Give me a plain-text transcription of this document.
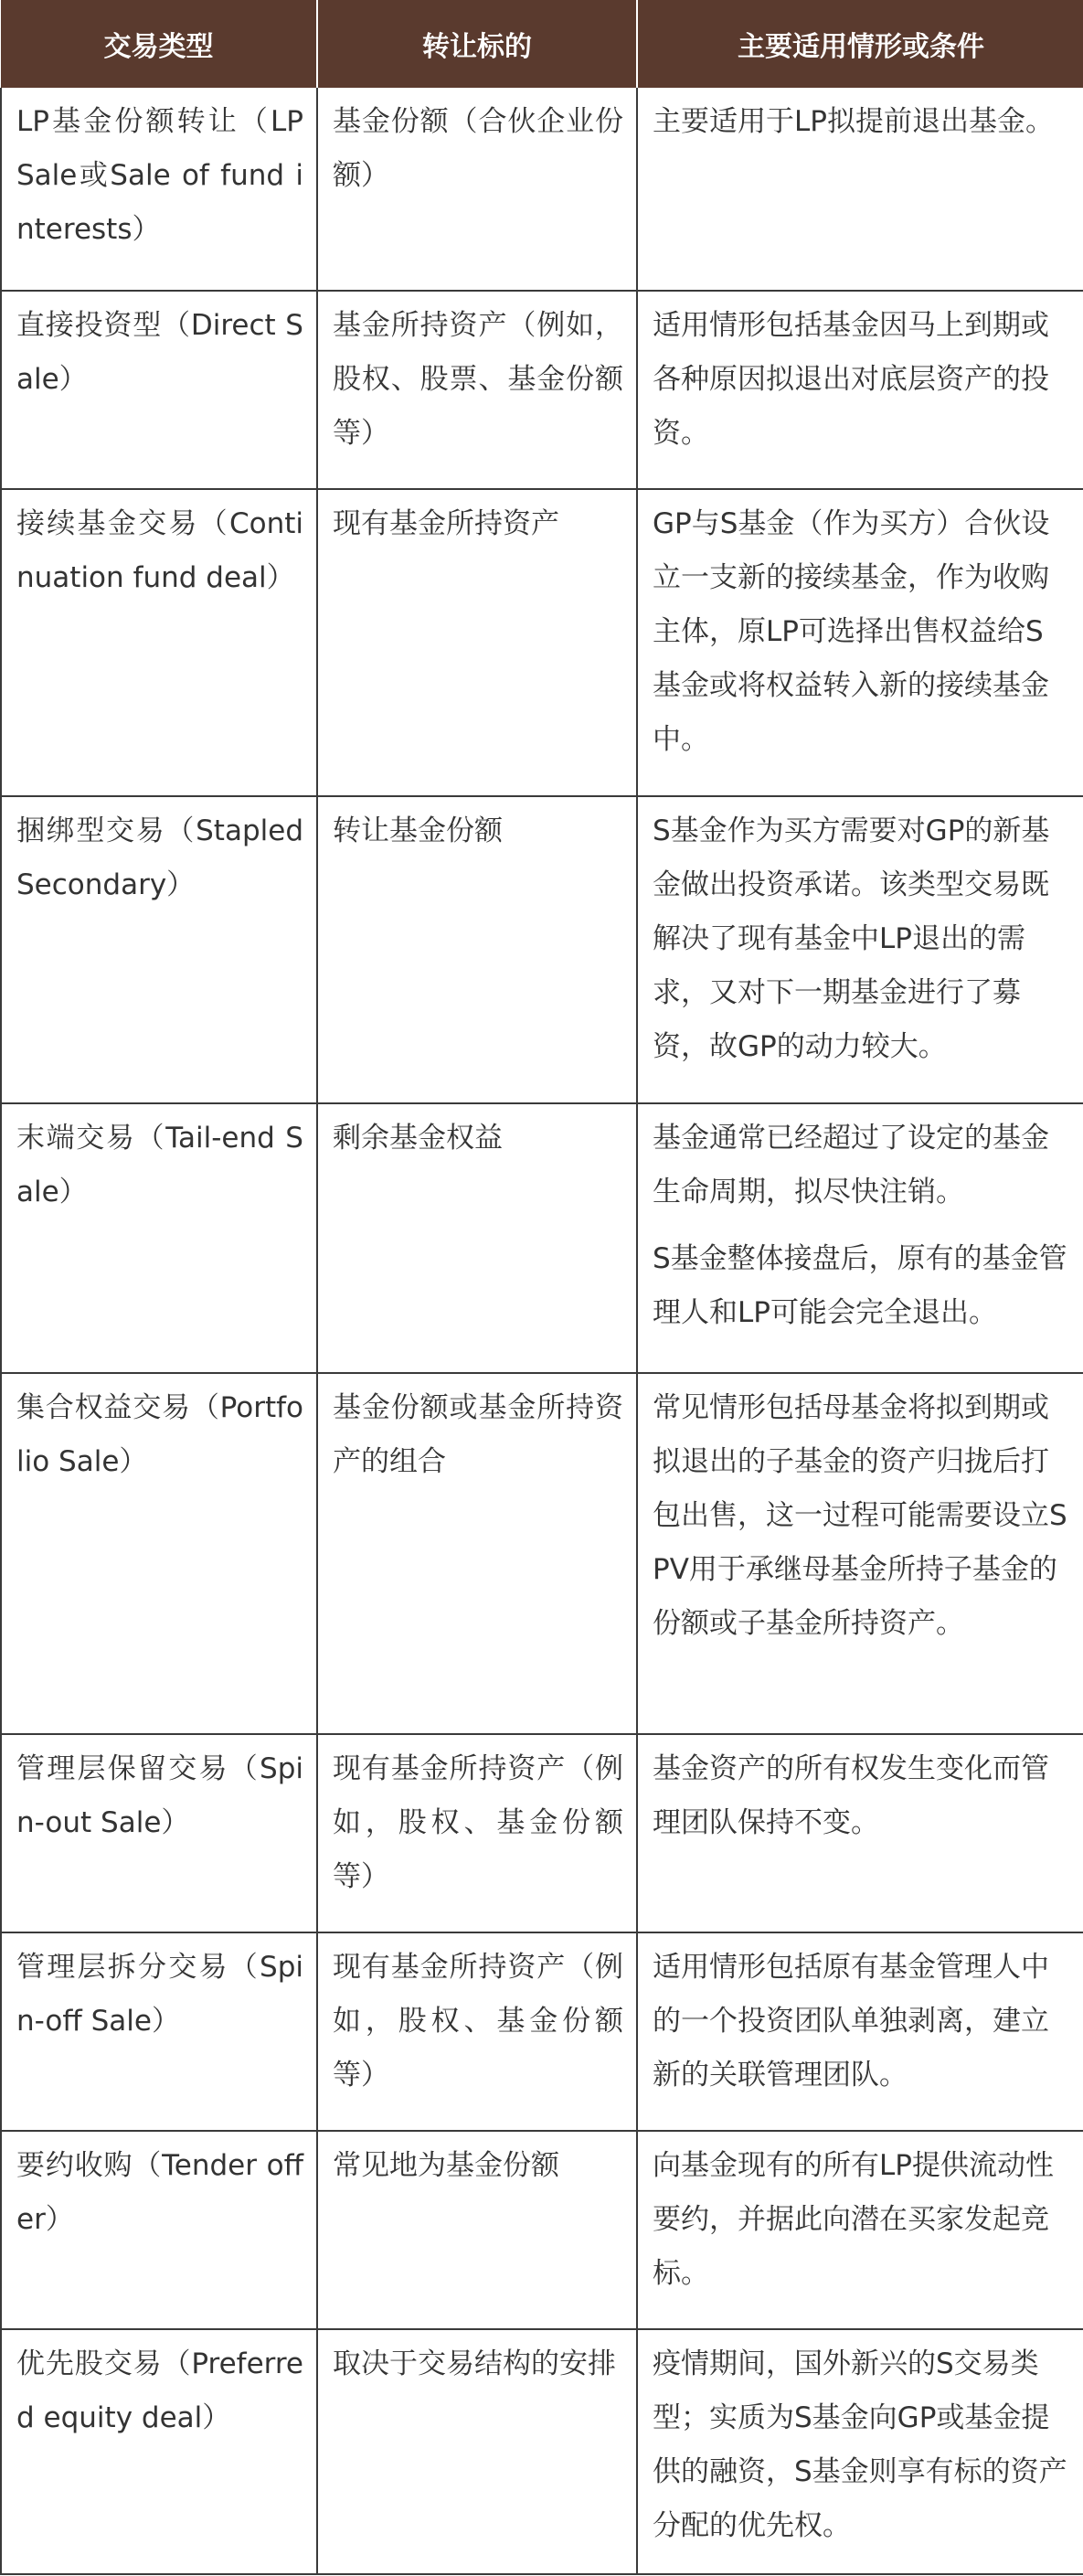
交易类型	转让标的	主要适用情形或条件
LP基金份额转让（LP Sale或Sale of fund interests）	基金份额（合伙企业份额）	主要适用于LP拟提前退出基金。

直接投资型（Direct Sale）	基金所持资产（例如，股权、股票、基金份额等）	适用情形包括基金因马上到期或各种原因拟退出对底层资产的投资。

接续基金交易（Continuation fund deal）	现有基金所持资产	GP与S基金（作为买方）合伙设立一支新的接续基金，作为收购主体，原LP可选择出售权益给S基金或将权益转入新的接续基金中。

捆绑型交易（Stapled Secondary）	转让基金份额	S基金作为买方需要对GP的新基金做出投资承诺。该类型交易既解决了现有基金中LP退出的需求，又对下一期基金进行了募资，故GP的动力较大。

末端交易（Tail-end Sale）	剩余基金权益	基金通常已经超过了设定的基金生命周期，拟尽快注销。
S基金整体接盘后，原有的基金管理人和LP可能会完全退出。

集合权益交易（Portfolio Sale）	基金份额或基金所持资产的组合	常见情形包括母基金将拟到期或拟退出的子基金的资产归拢后打包出售，这一过程可能需要设立SPV用于承继母基金所持子基金的份额或子基金所持资产。

管理层保留交易（Spin-out Sale）	现有基金所持资产（例如，股权、基金份额等）	基金资产的所有权发生变化而管理团队保持不变。

管理层拆分交易（Spin-off Sale）	现有基金所持资产（例如，股权、基金份额等）	适用情形包括原有基金管理人中的一个投资团队单独剥离，建立新的关联管理团队。

要约收购（Tender offer）	常见地为基金份额	向基金现有的所有LP提供流动性要约，并据此向潜在买家发起竞标。

优先股交易（Preferred equity deal）	取决于交易结构的安排	疫情期间，国外新兴的S交易类型；实质为S基金向GP或基金提供的融资，S基金则享有标的资产分配的优先权。
